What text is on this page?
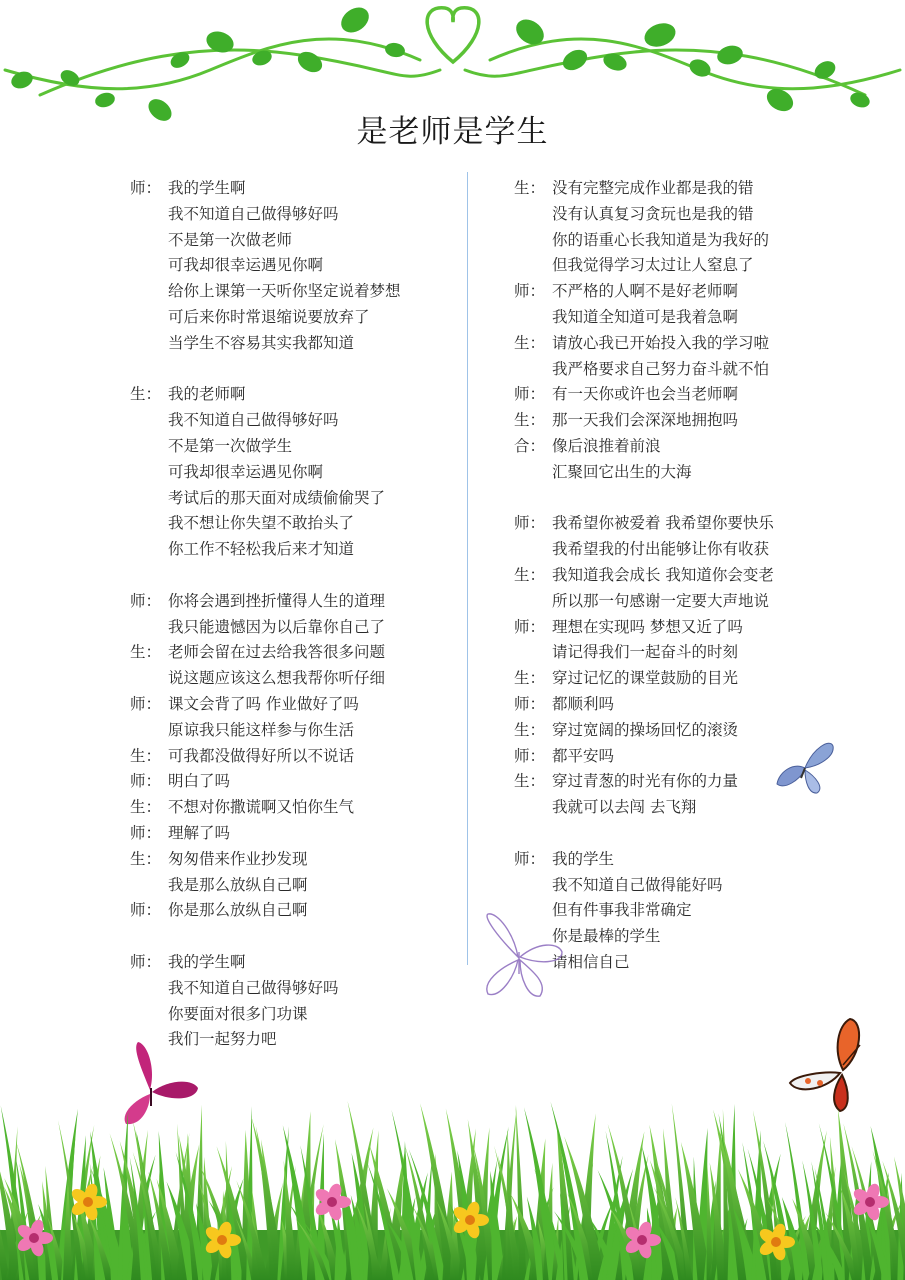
是老师是学生
师： 我的学生啊
我不知道自己做得够好吗
不是第一次做老师
可我却很幸运遇见你啊
给你上课第一天听你坚定说着梦想
可后来你时常退缩说要放弃了
当学生不容易其实我都知道
生： 我的老师啊
我不知道自己做得够好吗
不是第一次做学生
可我却很幸运遇见你啊
考试后的那天面对成绩偷偷哭了
我不想让你失望不敢抬头了
你工作不轻松我后来才知道
师： 你将会遇到挫折懂得人生的道理
我只能遗憾因为以后靠你自己了
生： 老师会留在过去给我答很多问题
说这题应该这么想我帮你听仔细
师： 课文会背了吗 作业做好了吗
原谅我只能这样参与你生活
生： 可我都没做得好所以不说话
师： 明白了吗
生： 不想对你撒谎啊又怕你生气
师： 理解了吗
生： 匆匆借来作业抄发现
我是那么放纵自己啊
师： 你是那么放纵自己啊
师： 我的学生啊
我不知道自己做得够好吗
你要面对很多门功课
我们一起努力吧
生： 没有完整完成作业都是我的错
没有认真复习贪玩也是我的错
你的语重心长我知道是为我好的
但我觉得学习太过让人窒息了
师： 不严格的人啊不是好老师啊
我知道全知道可是我着急啊
生： 请放心我已开始投入我的学习啦
我严格要求自己努力奋斗就不怕
师： 有一天你或许也会当老师啊
生： 那一天我们会深深地拥抱吗
合： 像后浪推着前浪
汇聚回它出生的大海
师： 我希望你被爱着 我希望你要快乐
我希望我的付出能够让你有收获
生： 我知道我会成长 我知道你会变老
所以那一句感谢一定要大声地说
师： 理想在实现吗 梦想又近了吗
请记得我们一起奋斗的时刻
生： 穿过记忆的课堂鼓励的目光
师： 都顺利吗
生： 穿过宽阔的操场回忆的滚烫
师： 都平安吗
生： 穿过青葱的时光有你的力量
我就可以去闯 去飞翔
师： 我的学生
我不知道自己做得能好吗
但有件事我非常确定
你是最棒的学生
请相信自己
